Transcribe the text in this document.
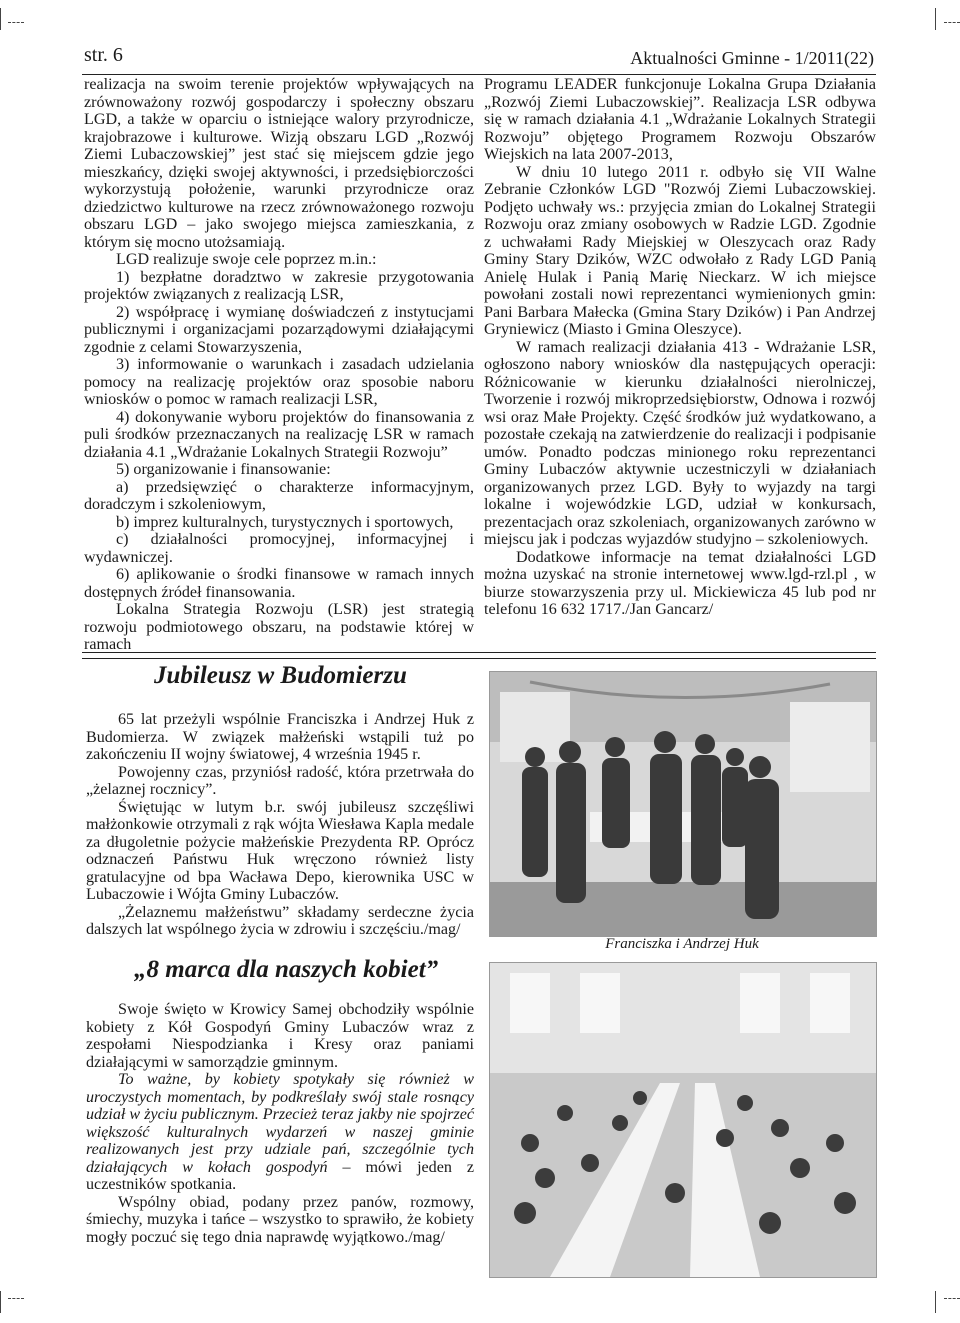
str. 6	Aktualności Gminne - 1/2011(22)

realizacja na swoim terenie projektów wpływających na zrównoważony rozwój gospodarczy i społeczny obszaru LGD, a także w oparciu o istniejące walory przyrodnicze, krajobrazowe i kulturowe. Wizją obszaru LGD „Rozwój Ziemi Lubaczowskiej” jest stać się miejscem gdzie jego mieszkańcy, dzięki swojej aktywności, i przedsiębiorczości wykorzystują położenie, warunki przyrodnicze oraz dziedzictwo kulturowe na rzecz zrównoważonego rozwoju obszaru LGD – jako swojego miejsca zamieszkania, z którym się mocno utożsamiają.

LGD realizuje swoje cele poprzez m.in.:

1) bezpłatne doradztwo w zakresie przygotowania projektów związanych z realizacją LSR,

2) współpracę i wymianę doświadczeń z instytucjami publicznymi i organizacjami pozarządowymi działającymi zgodnie z celami Stowarzyszenia,

3) informowanie o warunkach i zasadach udzielania pomocy na realizację projektów oraz sposobie naboru wniosków o pomoc w ramach realizacji LSR,

4) dokonywanie wyboru projektów do finansowania z puli środków przeznaczanych na realizację LSR w ramach działania 4.1 „Wdrażanie Lokalnych Strategii Rozwoju”

5) organizowanie i finansowanie:

a) przedsięwzięć o charakterze informacyjnym, doradczym i szkoleniowym,

b) imprez kulturalnych, turystycznych i sportowych,

c) działalności promocyjnej, informacyjnej i wydawniczej.

6) aplikowanie o środki finansowe w ramach innych dostępnych źródeł finansowania.

Lokalna Strategia Rozwoju (LSR) jest strategią rozwoju podmiotowego obszaru, na podstawie której w ramach

Programu LEADER funkcjonuje Lokalna Grupa Działania „Rozwój Ziemi Lubaczowskiej”. Realizacja LSR odbywa się w ramach działania 4.1 „Wdrażanie Lokalnych Strategii Rozwoju” objętego Programem Rozwoju Obszarów Wiejskich na lata 2007-2013,

W dniu 10 lutego 2011 r. odbyło się VII Walne Zebranie Członków LGD "Rozwój Ziemi Lubaczowskiej. Podjęto uchwały ws.: przyjęcia zmian do Lokalnej Strategii Rozwoju oraz zmiany osobowych w Radzie LGD. Zgodnie z uchwałami Rady Miejskiej w Oleszycach oraz Rady Gminy Stary Dzików, WZC odwołało z Rady LGD Panią Anielę Hulak i Panią Marię Nieckarz. W ich miejsce powołani zostali nowi reprezentanci wymienionych gmin: Pani Barbara Małecka (Gmina Stary Dzików) i Pan Andrzej Gryniewicz (Miasto i Gmina Oleszyce).

W ramach realizacji działania 413 - Wdrażanie LSR, ogłoszono nabory wniosków dla następujących operacji: Różnicowanie w kierunku działalności nierolniczej, Tworzenie i rozwój mikroprzedsiębiorstw, Odnowa i rozwój wsi oraz Małe Projekty. Część środków już wydatkowano, a pozostałe czekają na zatwierdzenie do realizacji i podpisanie umów. Ponadto podczas minionego roku reprezentanci Gminy Lubaczów aktywnie uczestniczyli w działaniach organizowanych przez LGD. Były to wyjazdy na targi lokalne i wojewódzkie LGD, udział w konkursach, prezentacjach oraz szkoleniach, organizowanych zarówno w miejscu jak i podczas wyjazdów studyjno – szkoleniowych.

Dodatkowe informacje na temat działalności LGD można uzyskać na stronie internetowej www.lgd-rzl.pl , w biurze stowarzyszenia przy ul. Mickiewicza 45 lub pod nr telefonu 16 632 1717./Jan Gancarz/

Jubileusz w Budomierzu

65 lat przeżyli wspólnie Franciszka i Andrzej Huk z Budomierza. W związek małżeński wstąpili tuż po zakończeniu II wojny światowej, 4 września 1945 r.

Powojenny czas, przyniósł radość, która przetrwała do „żelaznej rocznicy”.

Świętując w lutym b.r. swój jubileusz szczęśliwi małżonkowie otrzymali z rąk wójta Wiesława Kapla medale za długoletnie pożycie małżeńskie Prezydenta RP. Oprócz odznaczeń Państwu Huk wręczono również listy gratulacyjne od bpa Wacława Depo, kierownika USC w Lubaczowie i Wójta Gminy Lubaczów.

„Żelaznemu małżeństwu” składamy serdeczne życia dalszych lat wspólnego życia w zdrowiu i szczęściu./mag/

Franciszka i Andrzej Huk
„8 marca dla naszych kobiet”

Swoje święto w Krowicy Samej obchodziły wspólnie kobiety z Kół Gospodyń Gminy Lubaczów wraz z zespołami Niespodzianka i Kresy oraz paniami działającymi w samorządzie gminnym.

To ważne, by kobiety spotykały się również w uroczystych momentach, by podkreślały swój stale rosnący udział w życiu publicznym. Przecież teraz jakby nie spojrzeć większość kulturalnych wydarzeń w naszej gminie realizowanych jest przy udziale pań, szczególnie tych działających w kołach gospodyń – mówi jeden z uczestników spotkania.

Wspólny obiad, podany przez panów, rozmowy, śmiechy, muzyka i tańce – wszystko to sprawiło, że kobiety mogły poczuć się tego dnia naprawdę wyjątkowo./mag/
